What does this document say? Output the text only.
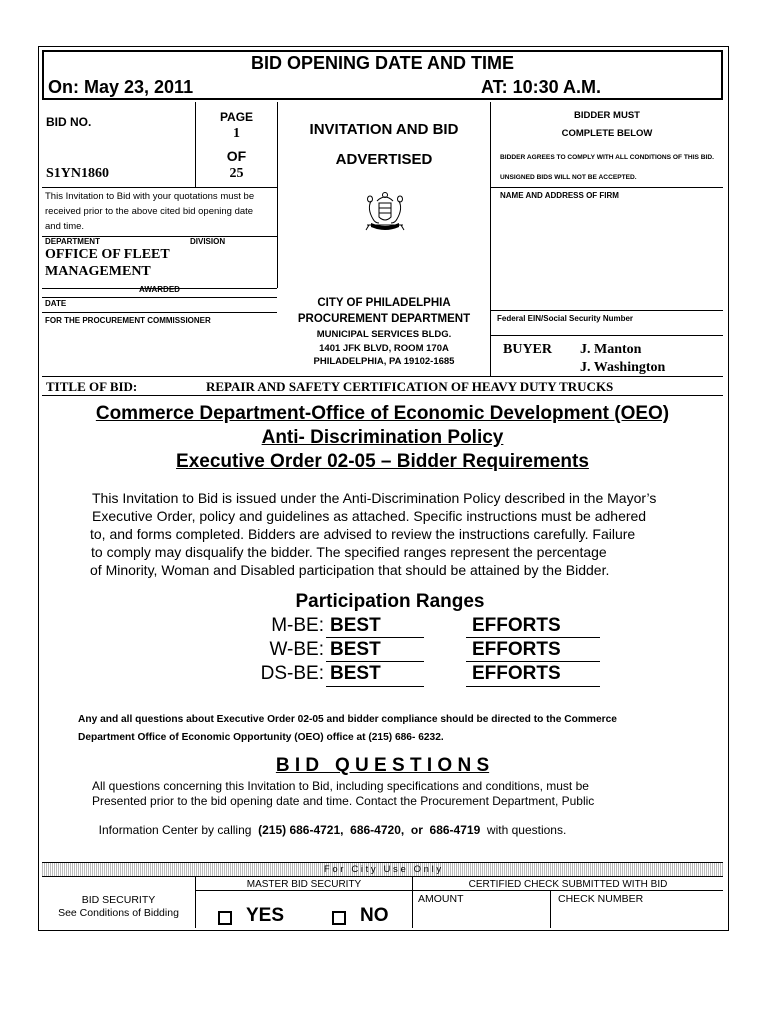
BID OPENING DATE AND TIME
On: May 23, 2011	AT: 10:30 A.M.
BID NO.
S1YN1860
PAGE
1
OF
25
This Invitation to Bid with your quotations must be received prior to the above cited bid opening date and time.
DEPARTMENT	DIVISION
OFFICE OF FLEET
MANAGEMENT
AWARDED
DATE
FOR THE PROCUREMENT COMMISSIONER
INVITATION AND BID
ADVERTISED
CITY OF PHILADELPHIA
PROCUREMENT DEPARTMENT
MUNICIPAL SERVICES BLDG.
1401 JFK BLVD, ROOM 170A
PHILADELPHIA, PA 19102-1685
BIDDER MUST
COMPLETE BELOW
BIDDER AGREES TO COMPLY WITH ALL CONDITIONS OF THIS BID.
UNSIGNED BIDS WILL NOT BE ACCEPTED.
NAME AND ADDRESS OF FIRM
Federal EIN/Social Security Number
BUYER J. Manton
J. Washington
TITLE OF BID:	REPAIR AND SAFETY CERTIFICATION OF HEAVY DUTY TRUCKS
Commerce Department-Office of Economic Development (OEO)
Anti- Discrimination Policy
Executive Order 02-05 – Bidder Requirements
This Invitation to Bid is issued under the Anti-Discrimination Policy described in the Mayor’s
Executive Order, policy and guidelines as attached. Specific instructions must be adhered
to, and forms completed. Bidders are advised to review the instructions carefully. Failure
to comply may disqualify the bidder. The specified ranges represent the percentage
of Minority, Woman and Disabled participation that should be attained by the Bidder.
Participation Ranges
M-BE: BEST	EFFORTS
W-BE: BEST	EFFORTS
DS-BE: BEST	EFFORTS
Any and all questions about Executive Order 02-05 and bidder compliance should be directed to the Commerce
Department Office of Economic Opportunity (OEO) office at (215) 686- 6232.
B I D   Q U E S T I O N S
All questions concerning this Invitation to Bid, including specifications and conditions, must be
Presented prior to the bid opening date and time. Contact the Procurement Department, Public

Information Center by calling  (215) 686-4721,  686-4720,  or  686-4719  with questions.

F o r   C i t y   U s e   O n l y
MASTER BID SECURITY	CERTIFIED CHECK SUBMITTED WITH BID
BID SECURITY
See Conditions of Bidding	YES	NO
AMOUNT	CHECK NUMBER
